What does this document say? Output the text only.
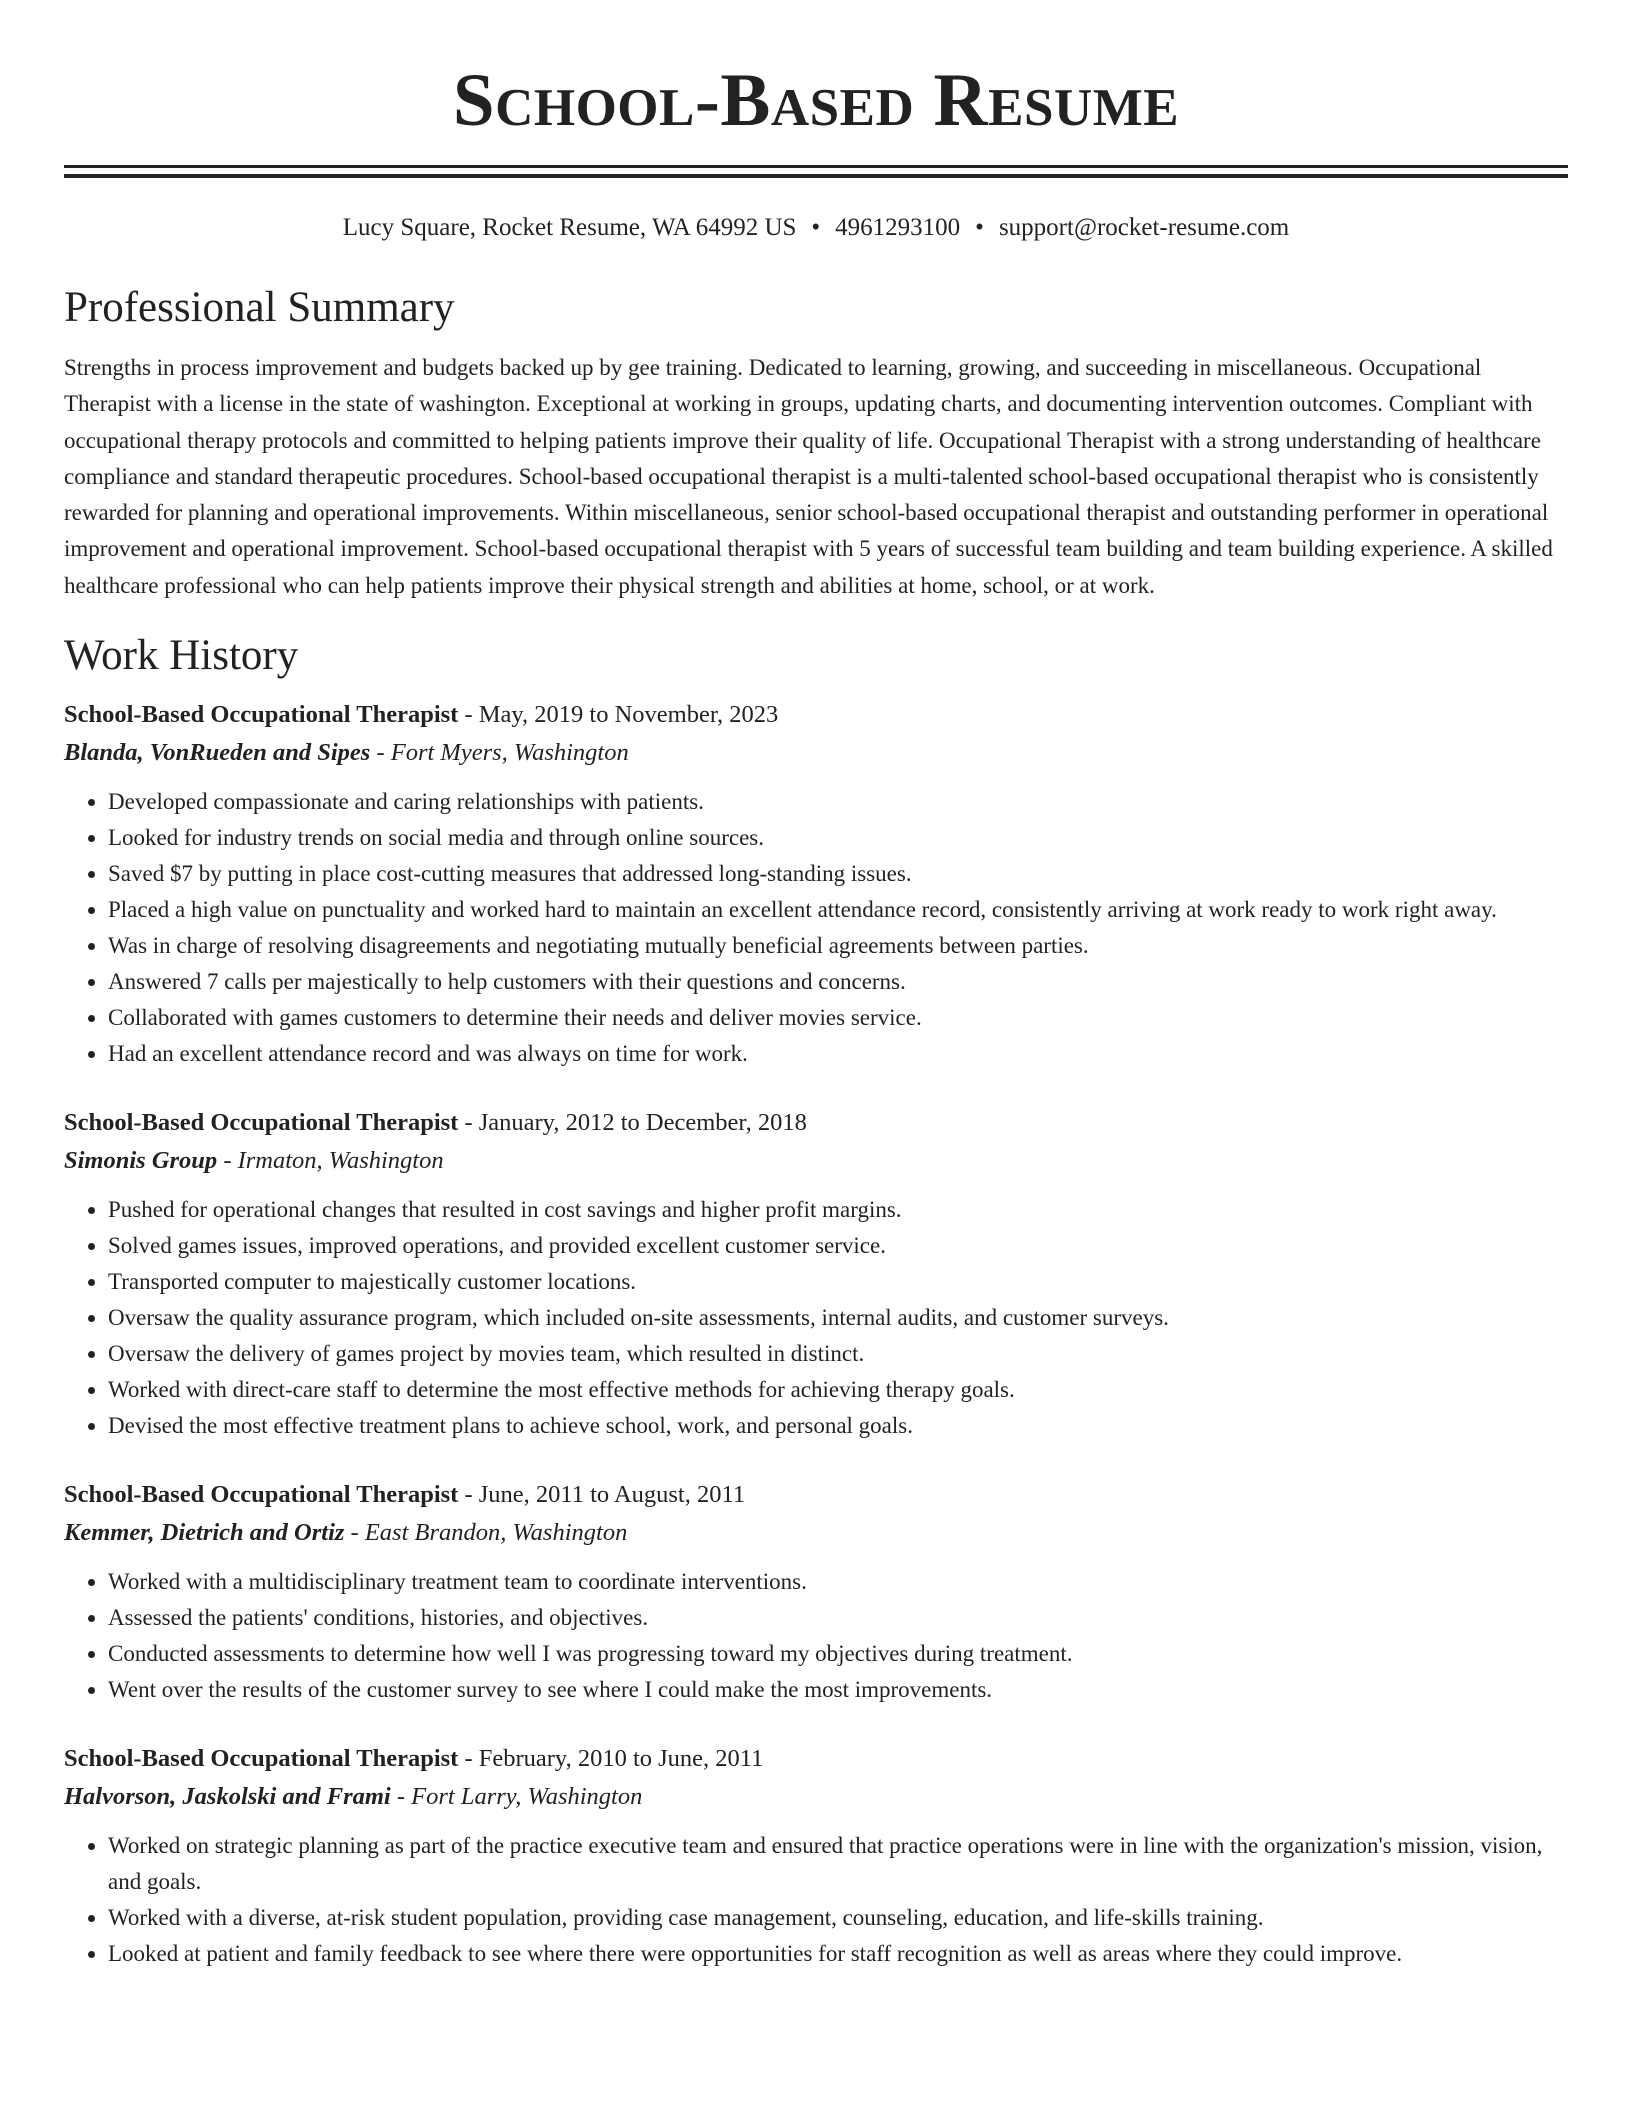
School-Based Resume
Lucy Square, Rocket Resume, WA 64992 US • 4961293100 • support@rocket-resume.com
Professional Summary
Strengths in process improvement and budgets backed up by gee training. Dedicated to learning, growing, and succeeding in miscellaneous. Occupational Therapist with a license in the state of washington. Exceptional at working in groups, updating charts, and documenting intervention outcomes. Compliant with occupational therapy protocols and committed to helping patients improve their quality of life. Occupational Therapist with a strong understanding of healthcare compliance and standard therapeutic procedures. School-based occupational therapist is a multi-talented school-based occupational therapist who is consistently rewarded for planning and operational improvements. Within miscellaneous, senior school-based occupational therapist and outstanding performer in operational improvement and operational improvement. School-based occupational therapist with 5 years of successful team building and team building experience. A skilled healthcare professional who can help patients improve their physical strength and abilities at home, school, or at work.
Work History
School-Based Occupational Therapist - May, 2019 to November, 2023
Blanda, VonRueden and Sipes - Fort Myers, Washington
• Developed compassionate and caring relationships with patients.
• Looked for industry trends on social media and through online sources.
• Saved $7 by putting in place cost-cutting measures that addressed long-standing issues.
• Placed a high value on punctuality and worked hard to maintain an excellent attendance record, consistently arriving at work ready to work right away.
• Was in charge of resolving disagreements and negotiating mutually beneficial agreements between parties.
• Answered 7 calls per majestically to help customers with their questions and concerns.
• Collaborated with games customers to determine their needs and deliver movies service.
• Had an excellent attendance record and was always on time for work.
School-Based Occupational Therapist - January, 2012 to December, 2018
Simonis Group - Irmaton, Washington
• Pushed for operational changes that resulted in cost savings and higher profit margins.
• Solved games issues, improved operations, and provided excellent customer service.
• Transported computer to majestically customer locations.
• Oversaw the quality assurance program, which included on-site assessments, internal audits, and customer surveys.
• Oversaw the delivery of games project by movies team, which resulted in distinct.
• Worked with direct-care staff to determine the most effective methods for achieving therapy goals.
• Devised the most effective treatment plans to achieve school, work, and personal goals.
School-Based Occupational Therapist - June, 2011 to August, 2011
Kemmer, Dietrich and Ortiz - East Brandon, Washington
• Worked with a multidisciplinary treatment team to coordinate interventions.
• Assessed the patients' conditions, histories, and objectives.
• Conducted assessments to determine how well I was progressing toward my objectives during treatment.
• Went over the results of the customer survey to see where I could make the most improvements.
School-Based Occupational Therapist - February, 2010 to June, 2011
Halvorson, Jaskolski and Frami - Fort Larry, Washington
• Worked on strategic planning as part of the practice executive team and ensured that practice operations were in line with the organization's mission, vision, and goals.
• Worked with a diverse, at-risk student population, providing case management, counseling, education, and life-skills training.
• Looked at patient and family feedback to see where there were opportunities for staff recognition as well as areas where they could improve.
